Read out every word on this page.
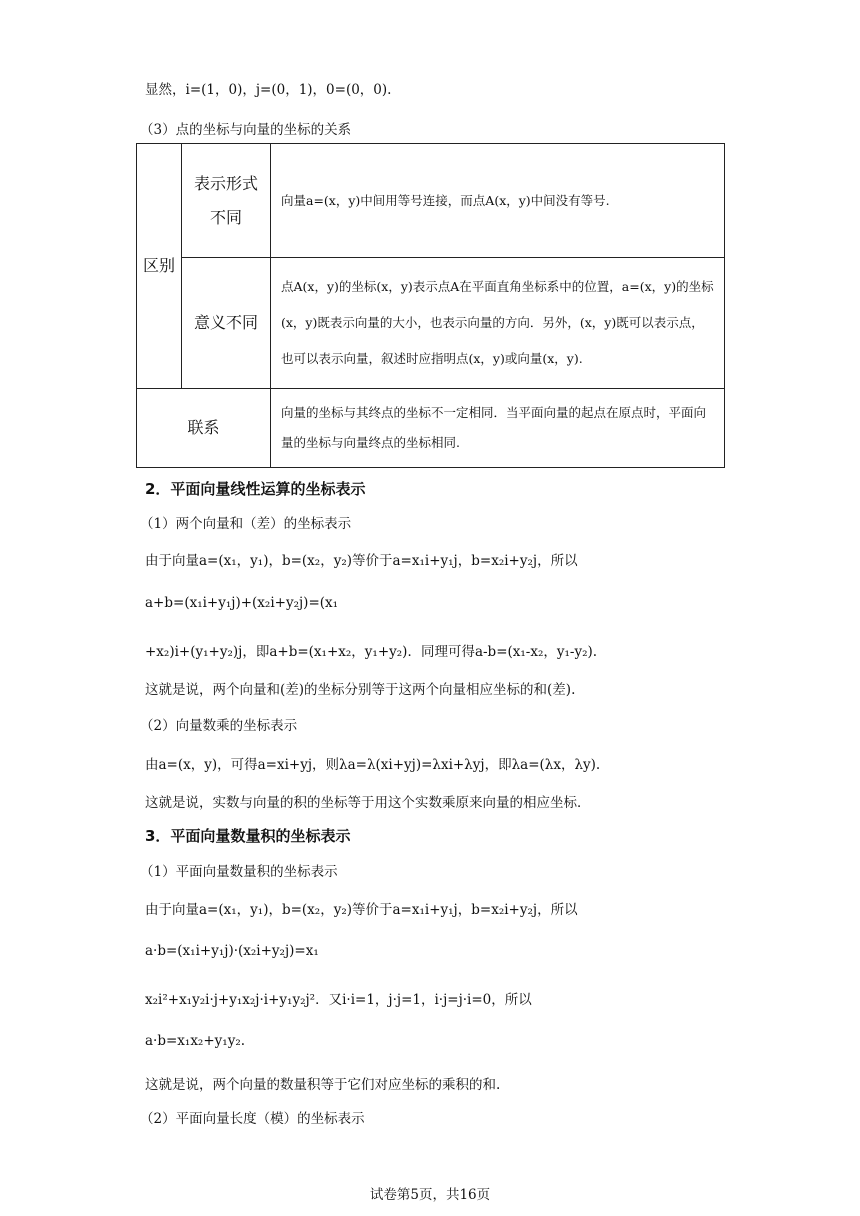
显然，i=(1，0)，j=(0，1)，0=(0，0).
（3）点的坐标与向量的坐标的关系
区别	表示形式不同	向量a=(x，y)中间用等号连接，而点A(x，y)中间没有等号.
	意义不同	点A(x，y)的坐标(x，y)表示点A在平面直角坐标系中的位置，a=(x，y)的坐标(x，y)既表示向量的大小，也表示向量的方向．另外，(x，y)既可以表示点，也可以表示向量，叙述时应指明点(x，y)或向量(x，y).
联系		向量的坐标与其终点的坐标不一定相同．当平面向量的起点在原点时，平面向量的坐标与向量终点的坐标相同.
2．平面向量线性运算的坐标表示
（1）两个向量和（差）的坐标表示
由于向量a=(x₁，y₁)，b=(x₂，y₂)等价于a=x₁i+y₁j，b=x₂i+y₂j，所以
a+b=(x₁i+y₁j)+(x₂i+y₂j)=(x₁
+x₂)i+(y₁+y₂)j，即a+b=(x₁+x₂，y₁+y₂)．同理可得a-b=(x₁-x₂，y₁-y₂).
这就是说，两个向量和(差)的坐标分别等于这两个向量相应坐标的和(差).
（2）向量数乘的坐标表示
由a=(x，y)，可得a=xi+yj，则λa=λ(xi+yj)=λxi+λyj，即λa=(λx，λy).
这就是说，实数与向量的积的坐标等于用这个实数乘原来向量的相应坐标．
3．平面向量数量积的坐标表示
（1）平面向量数量积的坐标表示
由于向量a=(x₁，y₁)，b=(x₂，y₂)等价于a=x₁i+y₁j，b=x₂i+y₂j，所以
a·b=(x₁i+y₁j)·(x₂i+y₂j)=x₁
x₂i²+x₁y₂i·j+y₁x₂j·i+y₁y₂j²．又i·i=1，j·j=1，i·j=j·i=0，所以
a·b=x₁x₂+y₁y₂.
这就是说，两个向量的数量积等于它们对应坐标的乘积的和.
（2）平面向量长度（模）的坐标表示
试卷第5页，共16页
